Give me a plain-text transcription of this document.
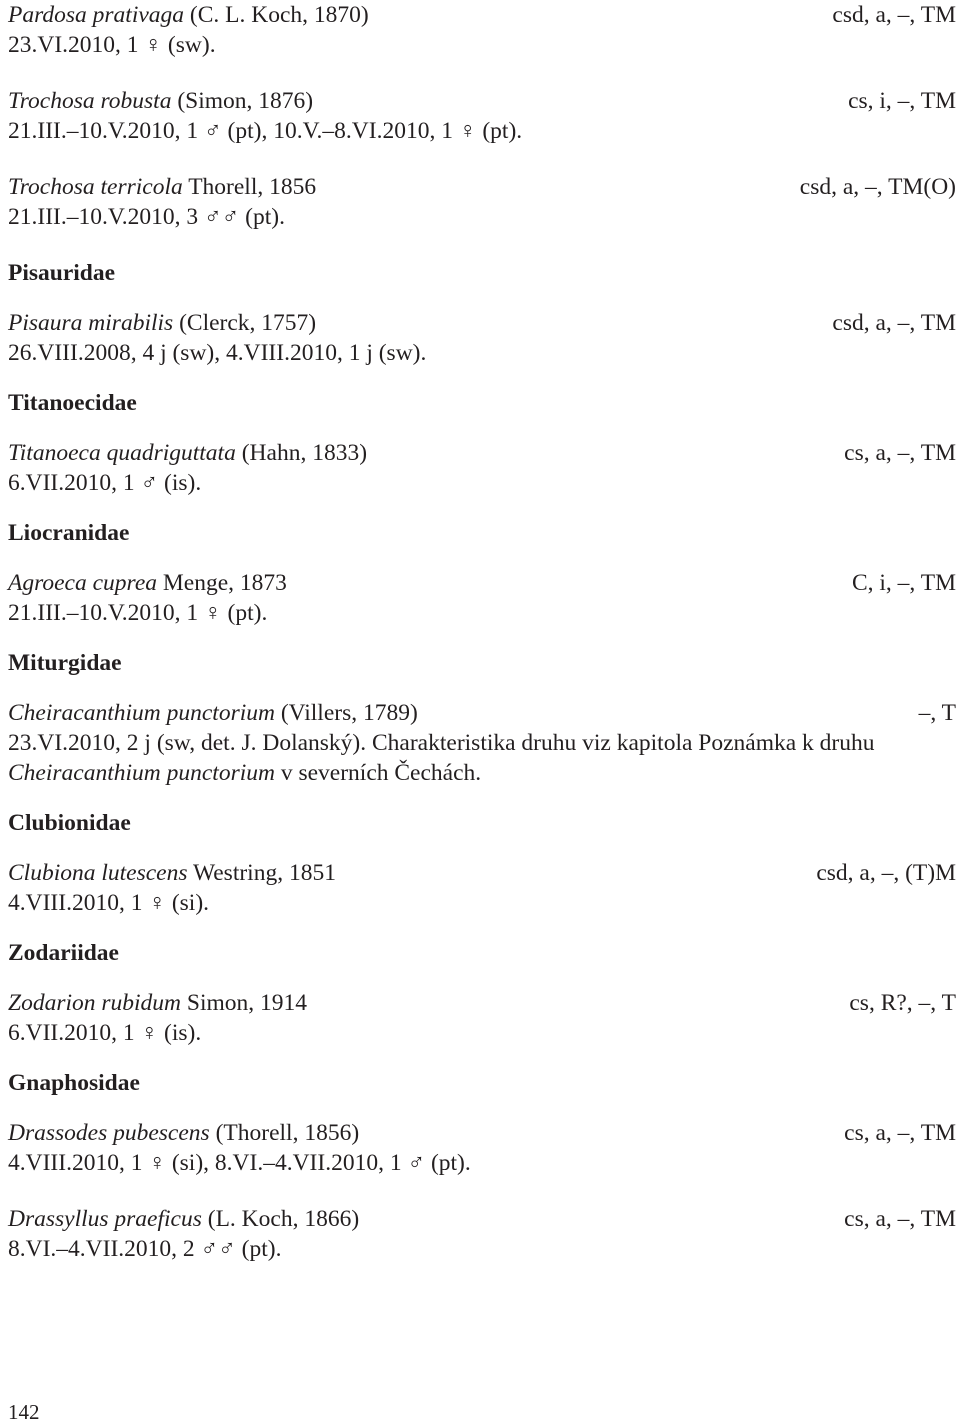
Pardosa prativaga (C. L. Koch, 1870)	csd, a, –, TM
23.VI.2010, 1 ♀ (sw).
Trochosa robusta (Simon, 1876)	cs, i, –, TM
21.III.–10.V.2010, 1 ♂ (pt), 10.V.–8.VI.2010, 1 ♀ (pt).
Trochosa terricola Thorell, 1856	csd, a, –, TM(O)
21.III.–10.V.2010, 3 ♂♂ (pt).
Pisauridae
Pisaura mirabilis (Clerck, 1757)	csd, a, –, TM
26.VIII.2008, 4 j (sw), 4.VIII.2010, 1 j (sw).
Titanoecidae
Titanoeca quadriguttata (Hahn, 1833)	cs, a, –, TM
6.VII.2010, 1 ♂ (is).
Liocranidae
Agroeca cuprea Menge, 1873	C, i, –, TM
21.III.–10.V.2010, 1 ♀ (pt).
Miturgidae
Cheiracanthium punctorium (Villers, 1789)	–, T
23.VI.2010, 2 j (sw, det. J. Dolanský). Charakteristika druhu viz kapitola Poznámka k druhu
Cheiracanthium punctorium v severních Čechách.
Clubionidae
Clubiona lutescens Westring, 1851	csd, a, –, (T)M
4.VIII.2010, 1 ♀ (si).
Zodariidae
Zodarion rubidum Simon, 1914	cs, R?, –, T
6.VII.2010, 1 ♀ (is).
Gnaphosidae
Drassodes pubescens (Thorell, 1856)	cs, a, –, TM
4.VIII.2010, 1 ♀ (si), 8.VI.–4.VII.2010, 1 ♂ (pt).
Drassyllus praeficus (L. Koch, 1866)	cs, a, –, TM
8.VI.–4.VII.2010, 2 ♂♂ (pt).
142
